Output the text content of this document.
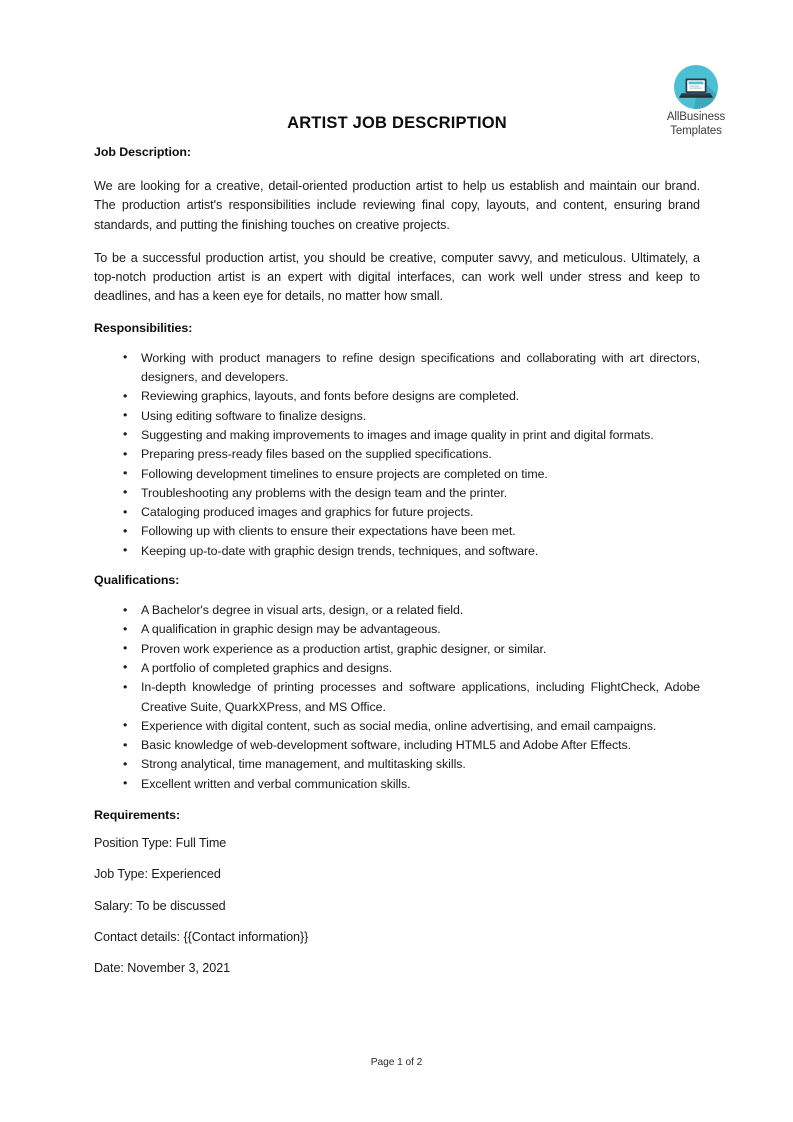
AllBusiness
Templates
ARTIST JOB DESCRIPTION
Job Description:

We are looking for a creative, detail-oriented production artist to help us establish and maintain our brand. The production artist's responsibilities include reviewing final copy, layouts, and content, ensuring brand standards, and putting the finishing touches on creative projects.

To be a successful production artist, you should be creative, computer savvy, and meticulous. Ultimately, a top-notch production artist is an expert with digital interfaces, can work well under stress and keep to deadlines, and has a keen eye for details, no matter how small.

Responsibilities:
• Working with product managers to refine design specifications and collaborating with art directors, designers, and developers.
• Reviewing graphics, layouts, and fonts before designs are completed.
• Using editing software to finalize designs.
• Suggesting and making improvements to images and image quality in print and digital formats.
• Preparing press-ready files based on the supplied specifications.
• Following development timelines to ensure projects are completed on time.
• Troubleshooting any problems with the design team and the printer.
• Cataloging produced images and graphics for future projects.
• Following up with clients to ensure their expectations have been met.
• Keeping up-to-date with graphic design trends, techniques, and software.
Qualifications:
• A Bachelor's degree in visual arts, design, or a related field.
• A qualification in graphic design may be advantageous.
• Proven work experience as a production artist, graphic designer, or similar.
• A portfolio of completed graphics and designs.
• In-depth knowledge of printing processes and software applications, including FlightCheck, Adobe Creative Suite, QuarkXPress, and MS Office.
• Experience with digital content, such as social media, online advertising, and email campaigns.
• Basic knowledge of web-development software, including HTML5 and Adobe After Effects.
• Strong analytical, time management, and multitasking skills.
• Excellent written and verbal communication skills.
Requirements:

Position Type: Full Time

Job Type: Experienced

Salary: To be discussed

Contact details: {{Contact information}}

Date: November 3, 2021

Page 1 of 2
